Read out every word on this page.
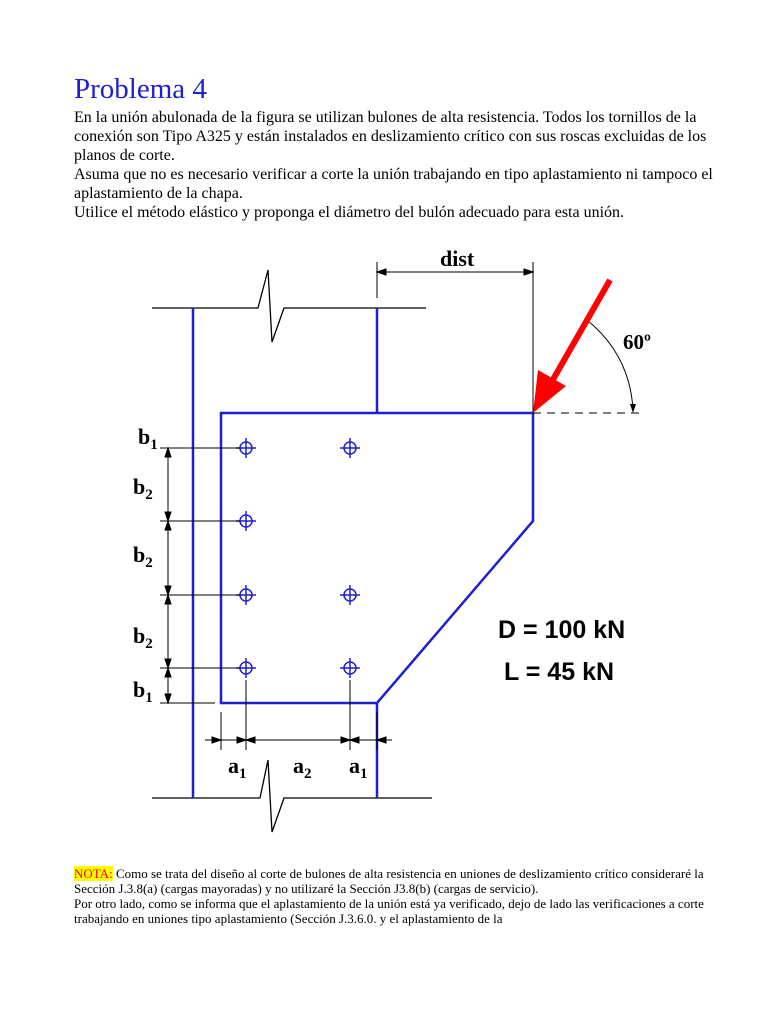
Problema 4

En la unión abulonada de la figura se utilizan bulones de alta resistencia. Todos los tornillos de la conexión son Tipo A325 y están instalados en deslizamiento crítico con sus roscas excluidas de los planos de corte.

Asuma que no es necesario verificar a corte la unión trabajando en tipo aplastamiento ni tampoco el aplastamiento de la chapa.

Utilice el método elástico y proponga el diámetro del bulón adecuado para esta unión.

dist
60º
D = 100 kN
L = 45 kN
$b_1$
$b_2$
$b_2$
$b_2$
$b_1$
$a_1$ $a_2$ $a_1$

NOTA: Como se trata del diseño al corte de bulones de alta resistencia en uniones de deslizamiento crítico consideraré la Sección J.3.8(a) (cargas mayoradas) y no utilizaré la Sección J3.8(b) (cargas de servicio).

Por otro lado, como se informa que el aplastamiento de la unión está ya verificado, dejo de lado las verificaciones a corte trabajando en uniones tipo aplastamiento (Sección J.3.6.0. y el aplastamiento de la
